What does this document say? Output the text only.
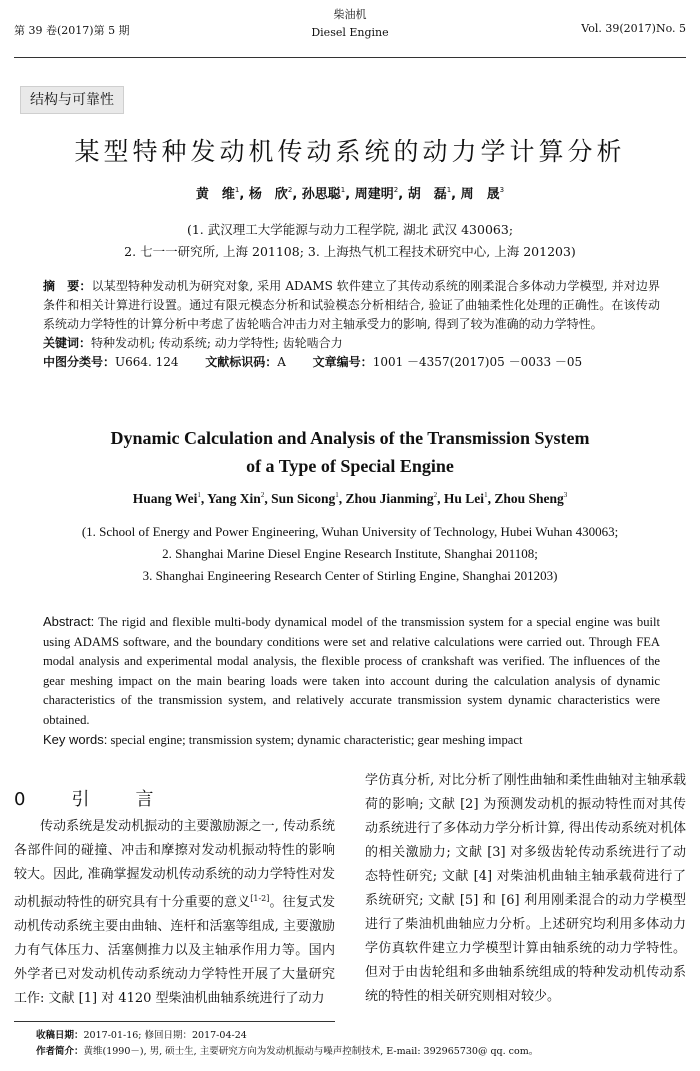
第 39 卷(2017)第 5 期
柴油机
Diesel Engine	Vol. 39(2017)No. 5
结构与可靠性
某型特种发动机传动系统的动力学计算分析
黄　维$^1$, 杨　欣$^2$, 孙思聪$^1$, 周建明$^2$, 胡　磊$^1$, 周　晟$^3$
(1. 武汉理工大学能源与动力工程学院, 湖北 武汉 430063;
2. 七一一研究所, 上海 201108; 3. 上海热气机工程技术研究中心, 上海 201203)
摘　要：以某型特种发动机为研究对象, 采用 ADAMS 软件建立了其传动系统的刚柔混合多体动力学模型, 并对边界条件和相关计算进行设置。通过有限元模态分析和试验模态分析相结合, 验证了曲轴柔性化处理的正确性。在该传动系统动力学特性的计算分析中考虑了齿轮啮合冲击力对主轴承受力的影响, 得到了较为准确的动力学特性。
关键词：特种发动机; 传动系统; 动力学特性; 齿轮啮合力
中图分类号：U664. 124 文献标识码：A 文章编号：1001 －4357(2017)05 －0033 －05
Dynamic Calculation and Analysis of the Transmission System
of a Type of Special Engine
Huang Wei$^1$, Yang Xin$^2$, Sun Sicong$^1$, Zhou Jianming$^2$, Hu Lei$^1$, Zhou Sheng$^3$
(1. School of Energy and Power Engineering, Wuhan University of Technology, Hubei Wuhan 430063;
2. Shanghai Marine Diesel Engine Research Institute, Shanghai 201108;
3. Shanghai Engineering Research Center of Stirling Engine, Shanghai 201203)
Abstract: The rigid and flexible multi-body dynamical model of the transmission system for a special engine was built using ADAMS software, and the boundary conditions were set and relative calculations were carried out. Through FEA modal analysis and experimental modal analysis, the flexible process of crankshaft was verified. The influences of the gear meshing impact on the main bearing loads were taken into account during the calculation analysis of dynamic characteristics of the transmission system, and relatively accurate transmission system dynamic characteristics were obtained.
Key words: special engine; transmission system; dynamic characteristic; gear meshing impact
0　引　言
传动系统是发动机振动的主要激励源之一, 传动系统各部件间的碰撞、冲击和摩擦对发动机振动特性的影响较大。因此, 准确掌握发动机传动系统的动力学特性对发动机振动特性的研究具有十分重要的意义[1-2]。往复式发动机传动系统主要由曲轴、连杆和活塞等组成, 主要激励力有气体压力、活塞侧推力以及主轴承作用力等。国内外学者已对发动机传动系统动力学特性开展了大量研究工作: 文献 [1] 对 4120 型柴油机曲轴系统进行了动力
学仿真分析, 对比分析了刚性曲轴和柔性曲轴对主轴承载荷的影响; 文献 [2] 为预测发动机的振动特性而对其传动系统进行了多体动力学分析计算, 得出传动系统对机体的相关激励力; 文献 [3] 对多级齿轮传动系统进行了动态特性研究; 文献 [4] 对柴油机曲轴主轴承载荷进行了系统研究; 文献 [5] 和 [6] 利用刚柔混合的动力学模型进行了柴油机曲轴应力分析。上述研究均利用多体动力学仿真软件建立力学模型计算由轴系统的动力学特性。但对于由齿轮组和多曲轴系统组成的特种发动机传动系统的特性的相关研究则相对较少。
收稿日期：2017-01-16; 修回日期：2017-04-24
作者简介：黄维(1990－), 男, 硕士生, 主要研究方向为发动机振动与噪声控制技术, E-mail: 392965730@ qq. com。
